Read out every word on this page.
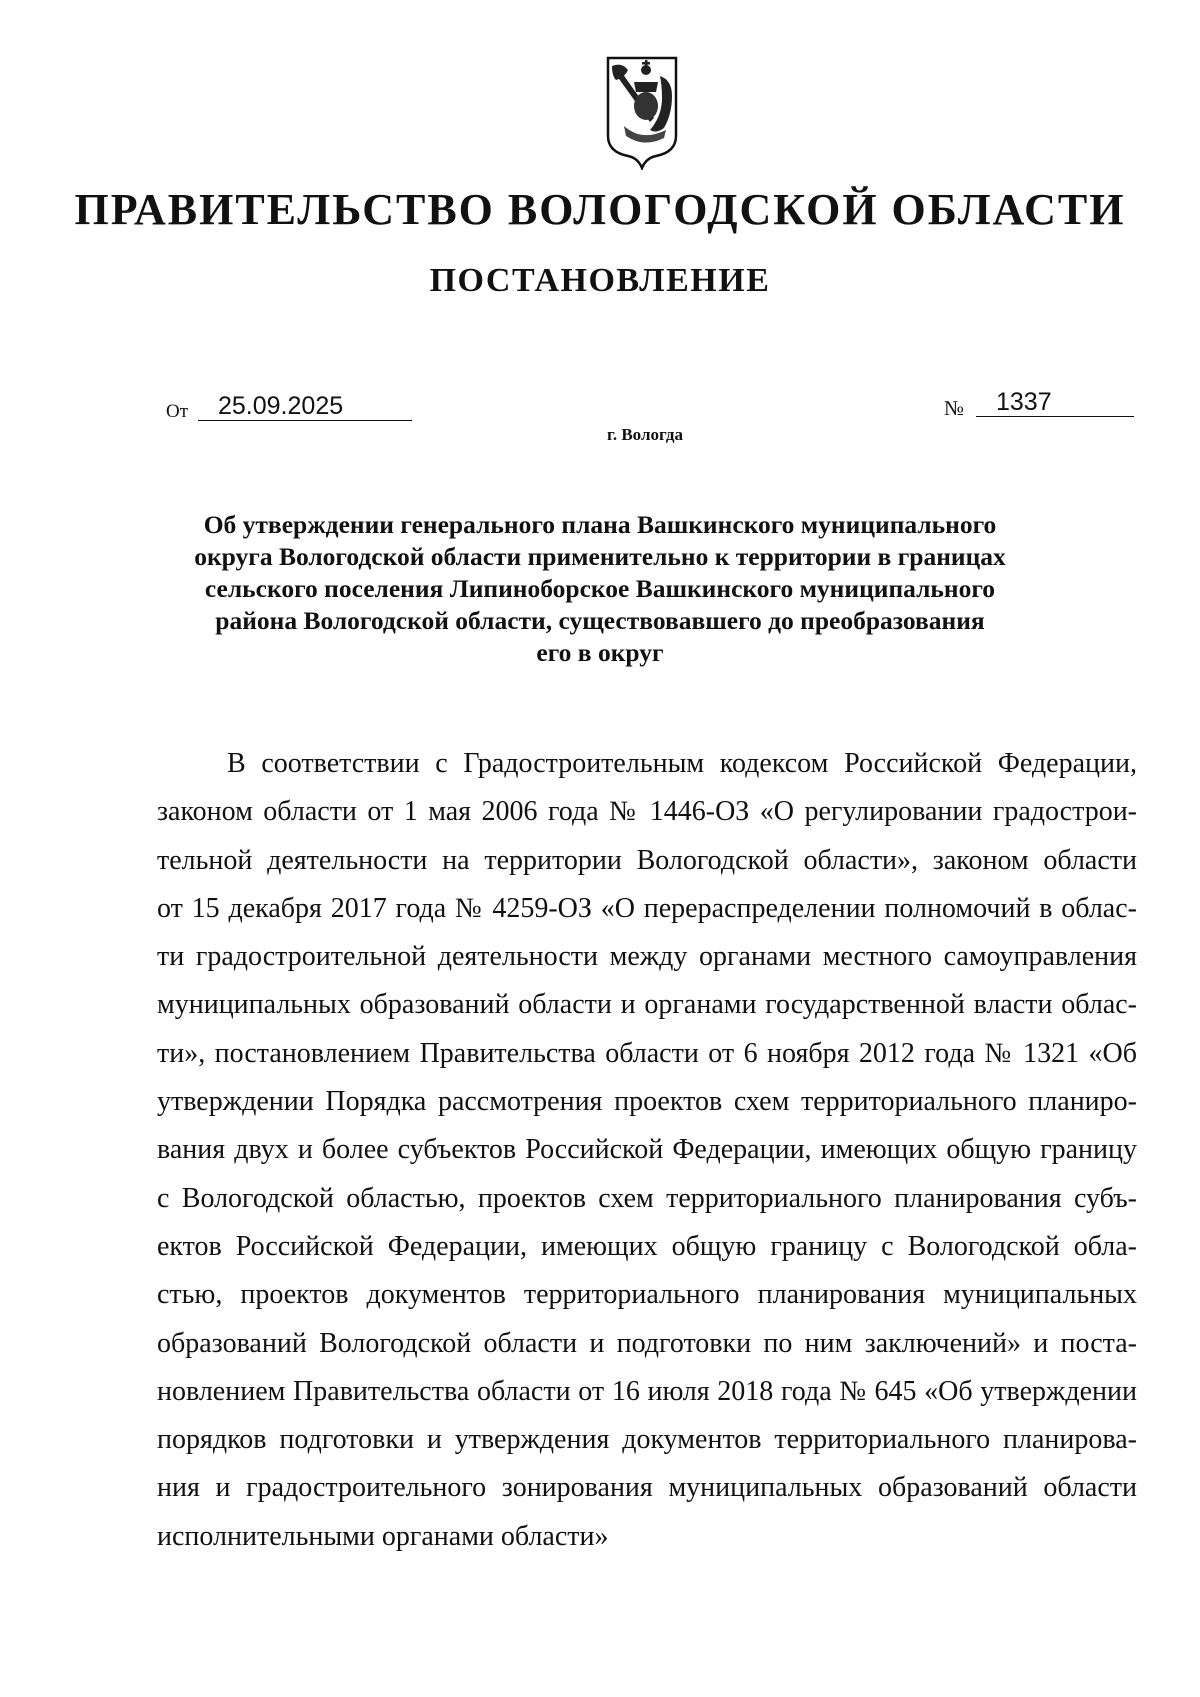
ПРАВИТЕЛЬСТВО ВОЛОГОДСКОЙ ОБЛАСТИ
ПОСТАНОВЛЕНИЕ
От 25.09.2025	№ 1337
г. Вологда
Об утверждении генерального плана Вашкинского муниципального
округа Вологодской области применительно к территории в границах
сельского поселения Липиноборское Вашкинского муниципального
района Вологодской области, существовавшего до преобразования
его в округ
В соответствии с Градостроительным кодексом Российской Федерации,
законом области от 1 мая 2006 года № 1446-ОЗ «О регулировании градострои-
тельной деятельности на территории Вологодской области», законом области
от 15 декабря 2017 года № 4259-ОЗ «О перераспределении полномочий в облас-
ти градостроительной деятельности между органами местного самоуправления
муниципальных образований области и органами государственной власти облас-
ти», постановлением Правительства области от 6 ноября 2012 года № 1321 «Об
утверждении Порядка рассмотрения проектов схем территориального планиро-
вания двух и более субъектов Российской Федерации, имеющих общую границу
с Вологодской областью, проектов схем территориального планирования субъ-
ектов Российской Федерации, имеющих общую границу с Вологодской обла-
стью, проектов документов территориального планирования муниципальных
образований Вологодской области и подготовки по ним заключений» и поста-
новлением Правительства области от 16 июля 2018 года № 645 «Об утверждении
порядков подготовки и утверждения документов территориального планирова-
ния и градостроительного зонирования муниципальных образований области
исполнительными органами области»
